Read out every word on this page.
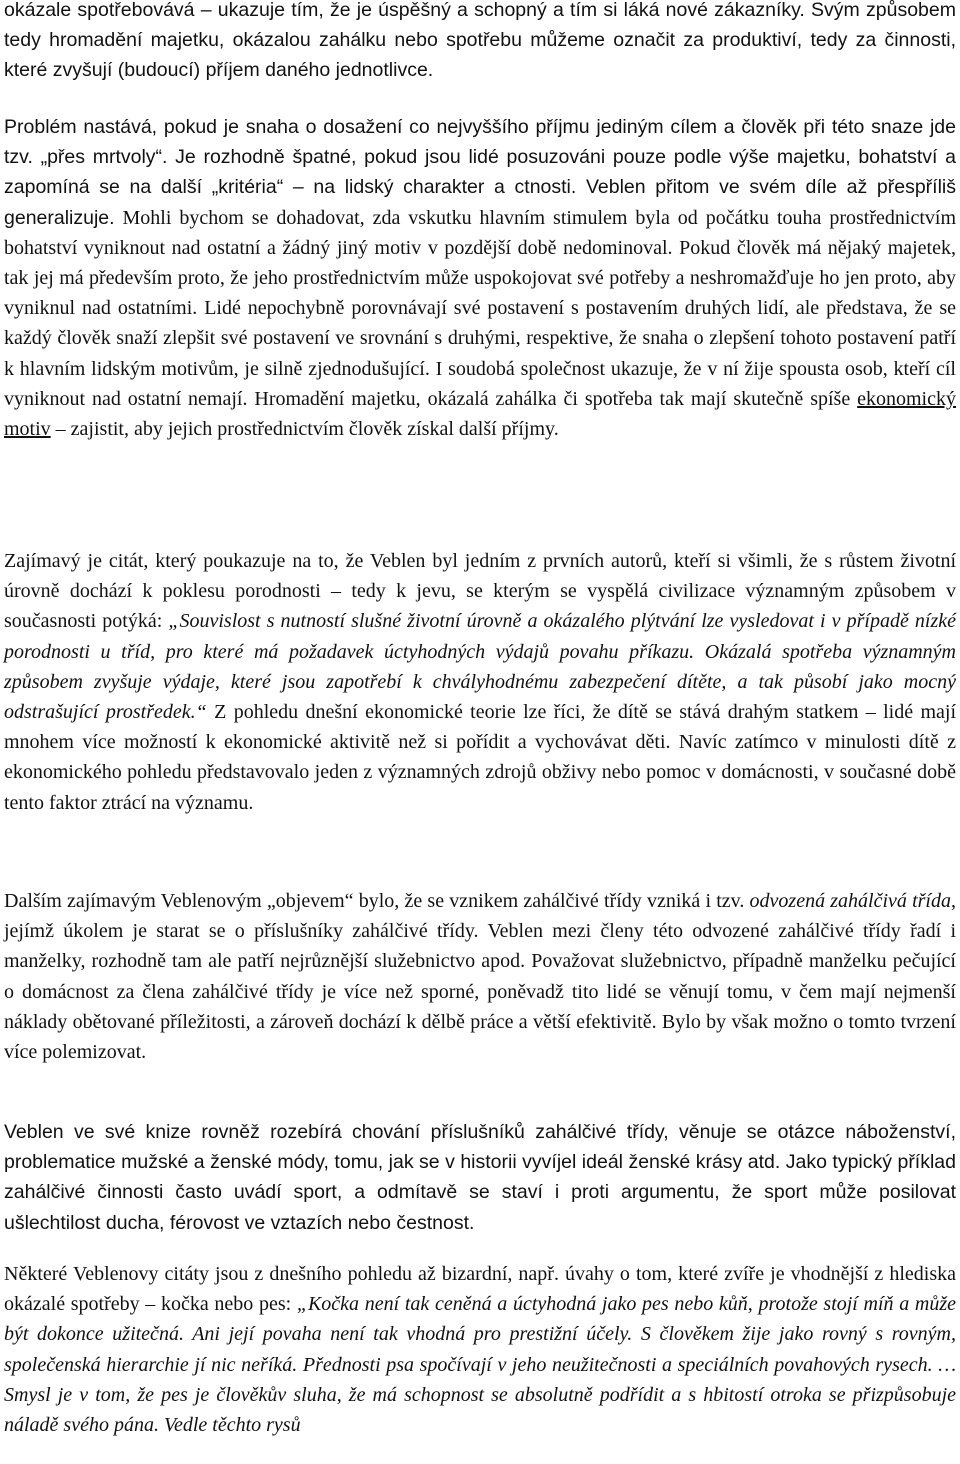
okázale spotřebovává – ukazuje tím, že je úspěšný a schopný a tím si láká nové zákazníky. Svým způsobem tedy hromadění majetku, okázalou zahálku nebo spotřebu můžeme označit za produktiví, tedy za činnosti, které zvyšují (budoucí) příjem daného jednotlivce.

Problém nastává, pokud je snaha o dosažení co nejvyššího příjmu jediným cílem a člověk při této snaze jde tzv. „přes mrtvoly“. Je rozhodně špatné, pokud jsou lidé posuzováni pouze podle výše majetku, bohatství a zapomíná se na další „kritéria“ – na lidský charakter a ctnosti. Veblen přitom ve svém díle až přespříliš generalizuje. Mohli bychom se dohadovat, zda vskutku hlavním stimulem byla od počátku touha prostřednictvím bohatství vyniknout nad ostatní a žádný jiný motiv v pozdější době nedominoval. Pokud člověk má nějaký majetek, tak jej má především proto, že jeho prostřednictvím může uspokojovat své potřeby a neshromažďuje ho jen proto, aby vyniknul nad ostatními. Lidé nepochybně porovnávají své postavení s postavením druhých lidí, ale představa, že se každý člověk snaží zlepšit své postavení ve srovnání s druhými, respektive, že snaha o zlepšení tohoto postavení patří k hlavním lidským motivům, je silně zjednodušující. I soudobá společnost ukazuje, že v ní žije spousta osob, kteří cíl vyniknout nad ostatní nemají. Hromadění majetku, okázalá zahálka či spotřeba tak mají skutečně spíše ekonomický motiv – zajistit, aby jejich prostřednictvím člověk získal další příjmy.

Zajímavý je citát, který poukazuje na to, že Veblen byl jedním z prvních autorů, kteří si všimli, že s růstem životní úrovně dochází k poklesu porodnosti – tedy k jevu, se kterým se vyspělá civilizace významným způsobem v současnosti potýká: „Souvislost s nutností slušné životní úrovně a okázalého plýtvání lze vysledovat i v případě nízké porodnosti u tříd, pro které má požadavek úctyhodných výdajů povahu příkazu. Okázalá spotřeba významným způsobem zvyšuje výdaje, které jsou zapotřebí k chvályhodnému zabezpečení dítěte, a tak působí jako mocný odstrašující prostředek.“ Z pohledu dnešní ekonomické teorie lze říci, že dítě se stává drahým statkem – lidé mají mnohem více možností k ekonomické aktivitě než si pořídit a vychovávat děti. Navíc zatímco v minulosti dítě z ekonomického pohledu představovalo jeden z významných zdrojů obživy nebo pomoc v domácnosti, v současné době tento faktor ztrácí na významu.

Dalším zajímavým Veblenovým „objevem“ bylo, že se vznikem zahálčivé třídy vzniká i tzv. odvozená zahálčivá třída, jejímž úkolem je starat se o příslušníky zahálčivé třídy. Veblen mezi členy této odvozené zahálčivé třídy řadí i manželky, rozhodně tam ale patří nejrůznější služebnictvo apod. Považovat služebnictvo, případně manželku pečující o domácnost za člena zahálčivé třídy je více než sporné, poněvadž tito lidé se věnují tomu, v čem mají nejmenší náklady obětované příležitosti, a zároveň dochází k dělbě práce a větší efektivitě. Bylo by však možno o tomto tvrzení více polemizovat.

Veblen ve své knize rovněž rozebírá chování příslušníků zahálčivé třídy, věnuje se otázce náboženství, problematice mužské a ženské módy, tomu, jak se v historii vyvíjel ideál ženské krásy atd. Jako typický příklad zahálčivé činnosti často uvádí sport, a odmítavě se staví i proti argumentu, že sport může posilovat ušlechtilost ducha, férovost ve vztazích nebo čestnost.

Některé Veblenovy citáty jsou z dnešního pohledu až bizardní, např. úvahy o tom, které zvíře je vhodnější z hlediska okázalé spotřeby – kočka nebo pes: „Kočka není tak ceněná a úctyhodná jako pes nebo kůň, protože stojí míň a může být dokonce užitečná. Ani její povaha není tak vhodná pro prestižní účely. S člověkem žije jako rovný s rovným, společenská hierarchie jí nic neříká. Přednosti psa spočívají v jeho neužitečnosti a speciálních povahových rysech. …Smysl je v tom, že pes je člověkův sluha, že má schopnost se absolutně podřídit a s hbitostí otroka se přizpůsobuje náladě svého pána. Vedle těchto rysů
